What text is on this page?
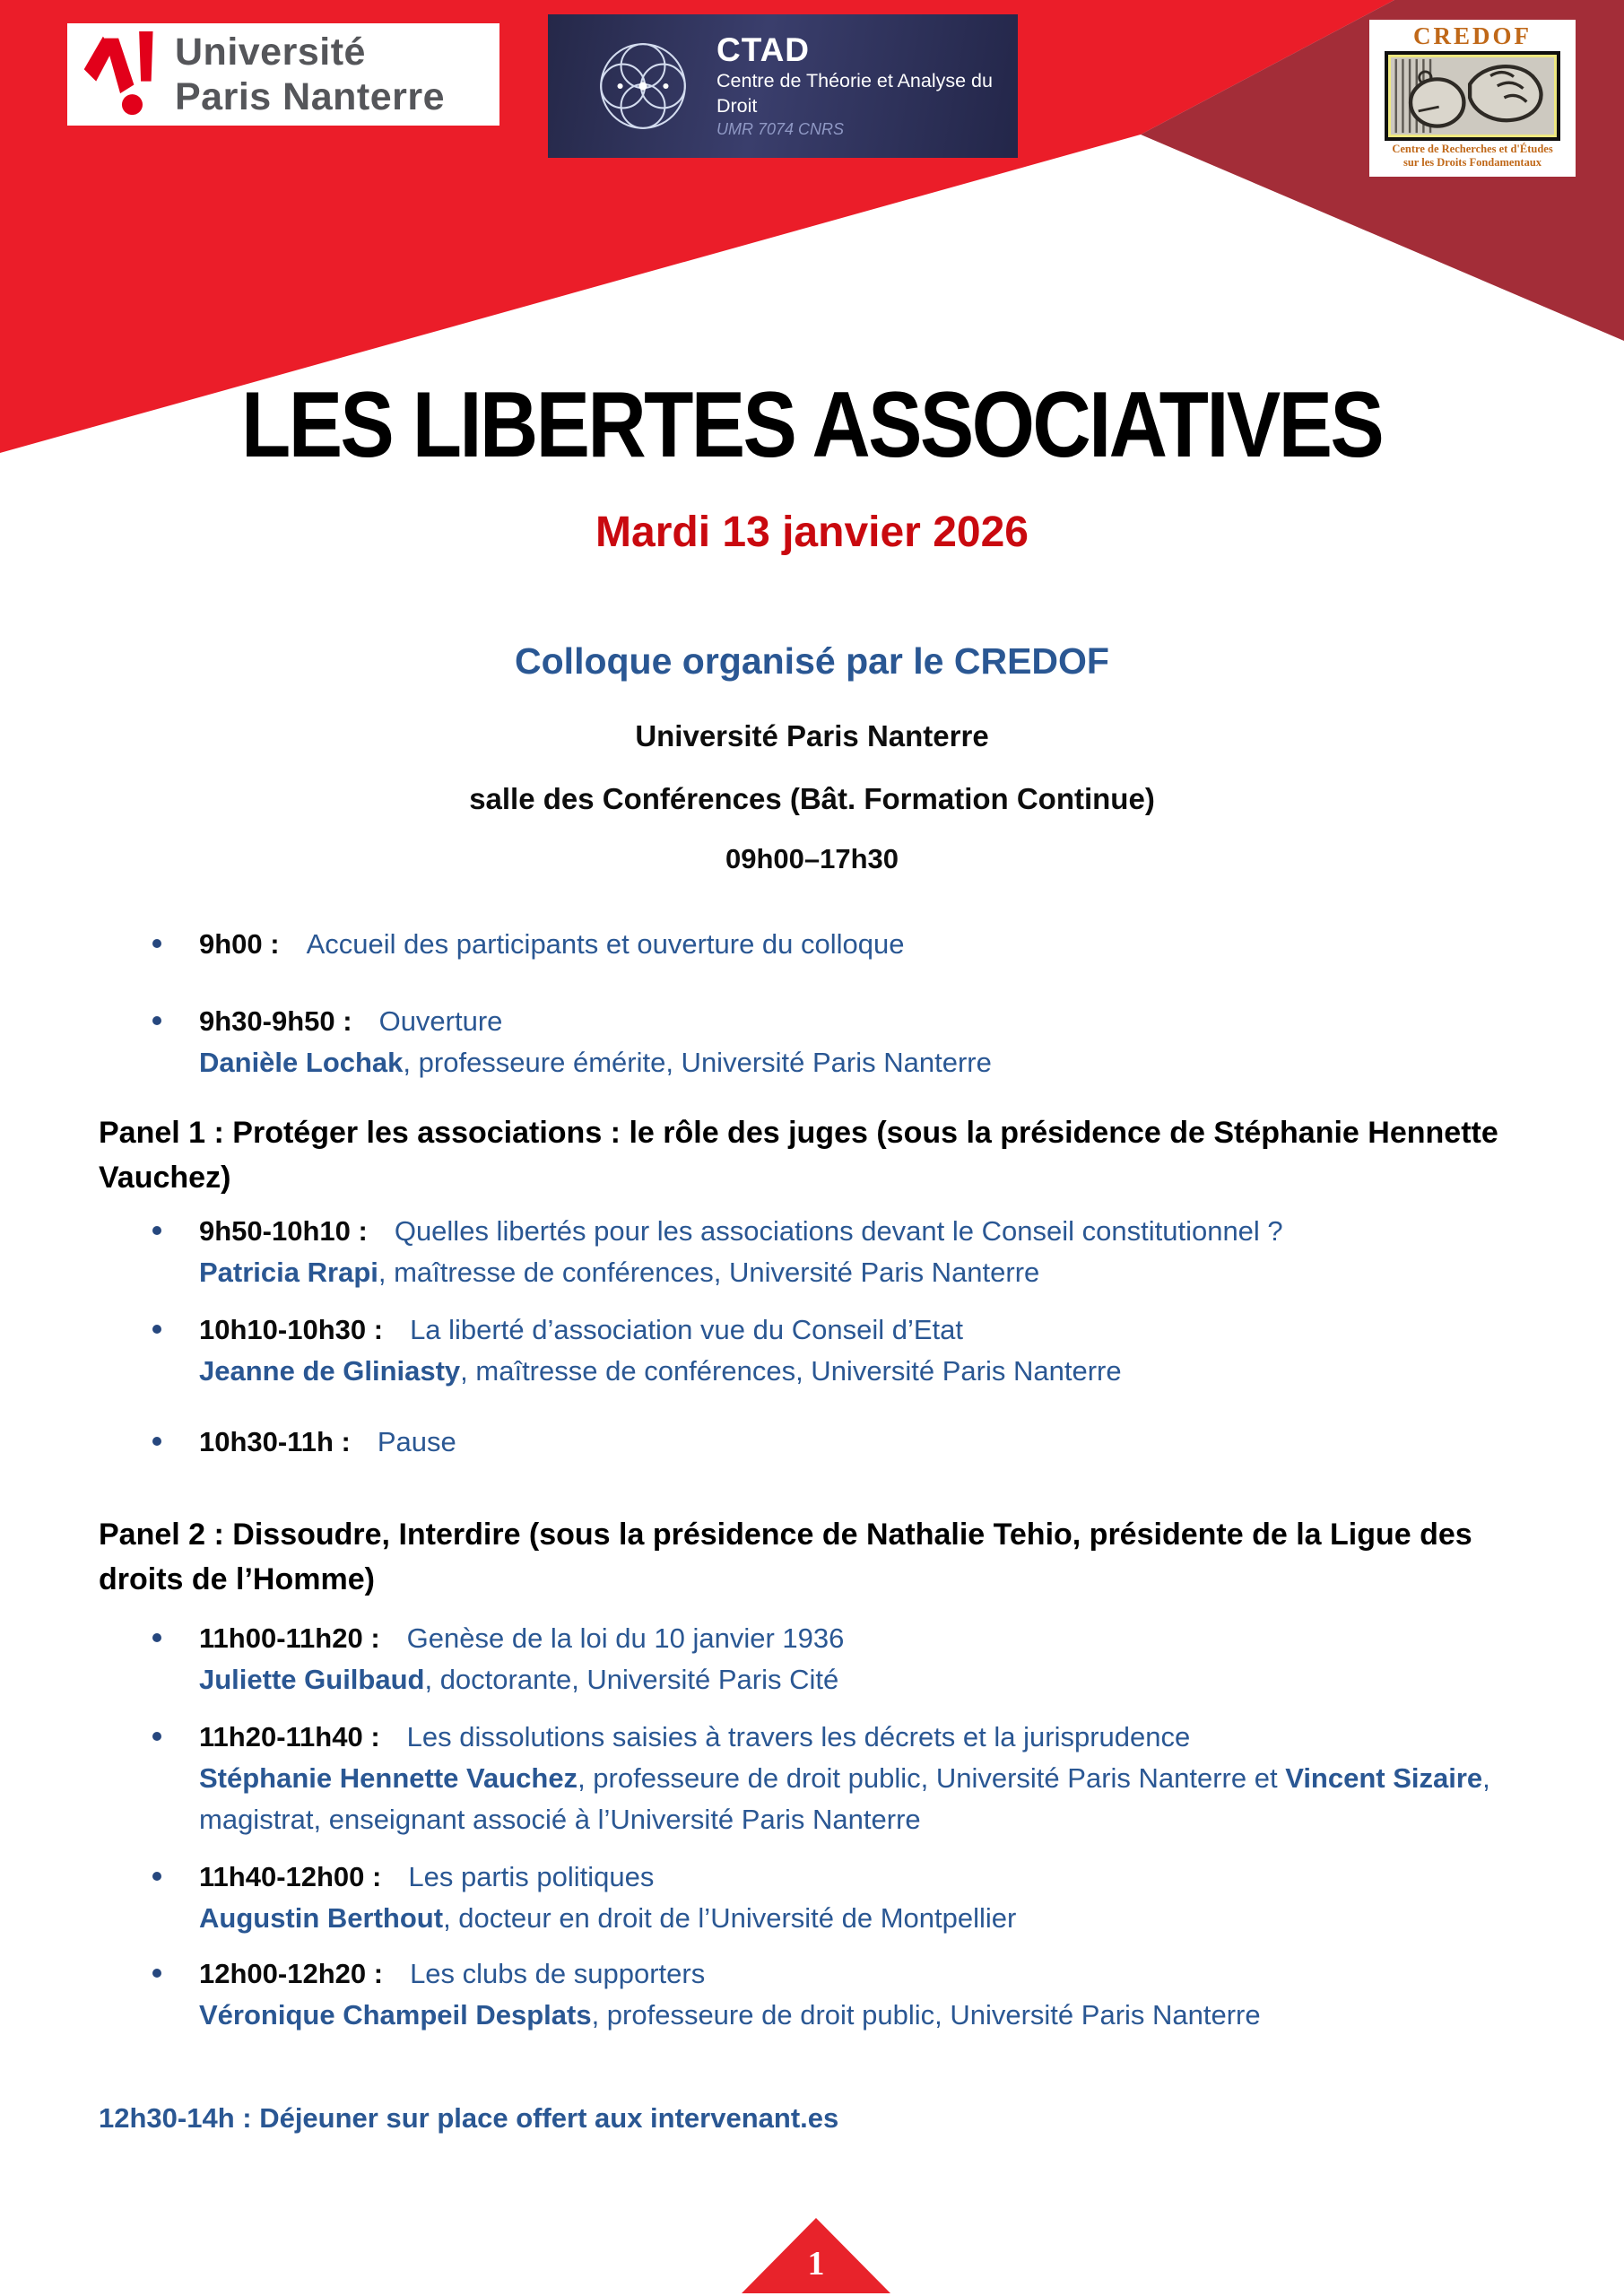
Université
Paris Nanterre
CTAD
Centre de Théorie et Analyse du Droit
UMR 7074 CNRS
CREDOF
Centre de Recherches et d'Études
sur les Droits Fondamentaux
LES LIBERTES ASSOCIATIVES
Mardi 13 janvier 2026
Colloque organisé par le CREDOF
Université Paris Nanterre
salle des Conférences (Bât. Formation Continue)
09h00–17h30
9h00 : Accueil des participants et ouverture du colloque
9h30-9h50 : Ouverture
Danièle Lochak, professeure émérite, Université Paris Nanterre
Panel 1 : Protéger les associations : le rôle des juges (sous la présidence de Stéphanie Hennette Vauchez)
9h50-10h10 : Quelles libertés pour les associations devant le Conseil constitutionnel ?
Patricia Rrapi, maîtresse de conférences, Université Paris Nanterre
10h10-10h30 : La liberté d’association vue du Conseil d’Etat
Jeanne de Gliniasty, maîtresse de conférences, Université Paris Nanterre
10h30-11h : Pause
Panel 2 : Dissoudre, Interdire (sous la présidence de Nathalie Tehio, présidente de la Ligue des droits de l’Homme)
11h00-11h20 : Genèse de la loi du 10 janvier 1936
Juliette Guilbaud, doctorante, Université Paris Cité
11h20-11h40 : Les dissolutions saisies à travers les décrets et la jurisprudence
Stéphanie Hennette Vauchez, professeure de droit public, Université Paris Nanterre et Vincent Sizaire, magistrat, enseignant associé à l’Université Paris Nanterre
11h40-12h00 : Les partis politiques
Augustin Berthout, docteur en droit de l’Université de Montpellier
12h00-12h20 : Les clubs de supporters
Véronique Champeil Desplats, professeure de droit public, Université Paris Nanterre
12h30-14h : Déjeuner sur place offert aux intervenant.es
1
